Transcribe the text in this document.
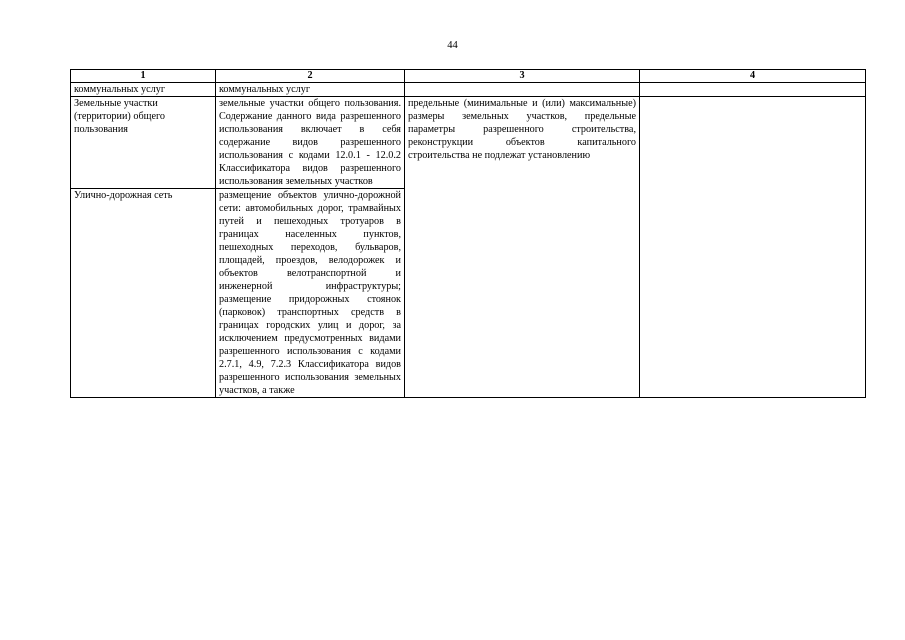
44
1	2	3	4
коммунальных услуг	коммунальных услуг		
Земельные участки (территории) общего пользования	земельные участки общего пользования. Содержание данного вида разрешенного использования включает в себя содержание видов разрешенного использования с кодами 12.0.1 - 12.0.2 Классификатора видов разрешенного использования земельных участков	предельные (минимальные и (или) максимальные) размеры земельных участков, предельные параметры разрешенного строительства, реконструкции объектов капитального строительства не подлежат установлению	
Улично-дорожная сеть	размещение объектов улично-дорожной сети: автомобильных дорог, трамвайных путей и пешеходных тротуаров в границах населенных пунктов, пешеходных переходов, бульваров, площадей, проездов, велодорожек и объектов велотранспортной и инженерной инфраструктуры; размещение придорожных стоянок (парковок) транспортных средств в границах городских улиц и дорог, за исключением предусмотренных видами разрешенного использования с кодами 2.7.1, 4.9, 7.2.3 Классификатора видов разрешенного использования земельных участков, а также		
